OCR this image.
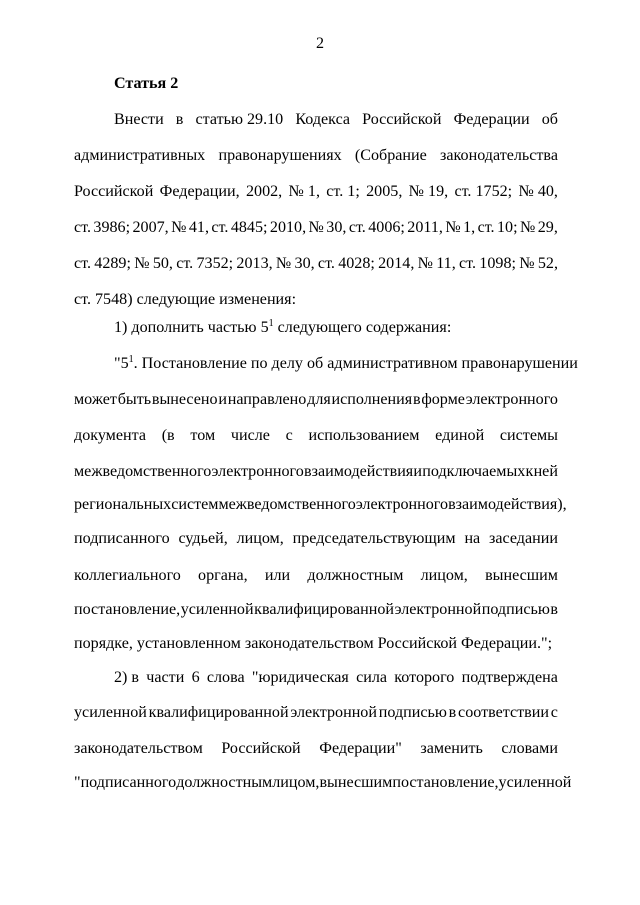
2
Статья 2
Внести в статью 29.10 Кодекса Российской Федерации об
административных правонарушениях (Собрание законодательства
Российской Федерации, 2002, № 1, ст. 1; 2005, № 19, ст. 1752; № 40,
ст. 3986; 2007, № 41, ст. 4845; 2010, № 30, ст. 4006; 2011, № 1, ст. 10; № 29,
ст. 4289; № 50, ст. 7352; 2013, № 30, ст. 4028; 2014, № 11, ст. 1098; № 52,
ст. 7548) следующие изменения:
1) дополнить частью $5^1$ следующего содержания:
"$5^1$. Постановление по делу об административном правонарушении
может быть вынесено и направлено для исполнения в форме электронного
документа (в том числе с использованием единой системы
межведомственного электронного взаимодействия и подключаемых к ней
региональных систем межведомственного электронного взаимодействия),
подписанного судьей, лицом, председательствующим на заседании
коллегиального органа, или должностным лицом, вынесшим
постановление, усиленной квалифицированной электронной подписью в
порядке, установленном законодательством Российской Федерации.";
2) в части 6 слова "юридическая сила которого подтверждена
усиленной квалифицированной электронной подписью в соответствии с
законодательством Российской Федерации" заменить словами
"подписанного должностным лицом, вынесшим постановление, усиленной
